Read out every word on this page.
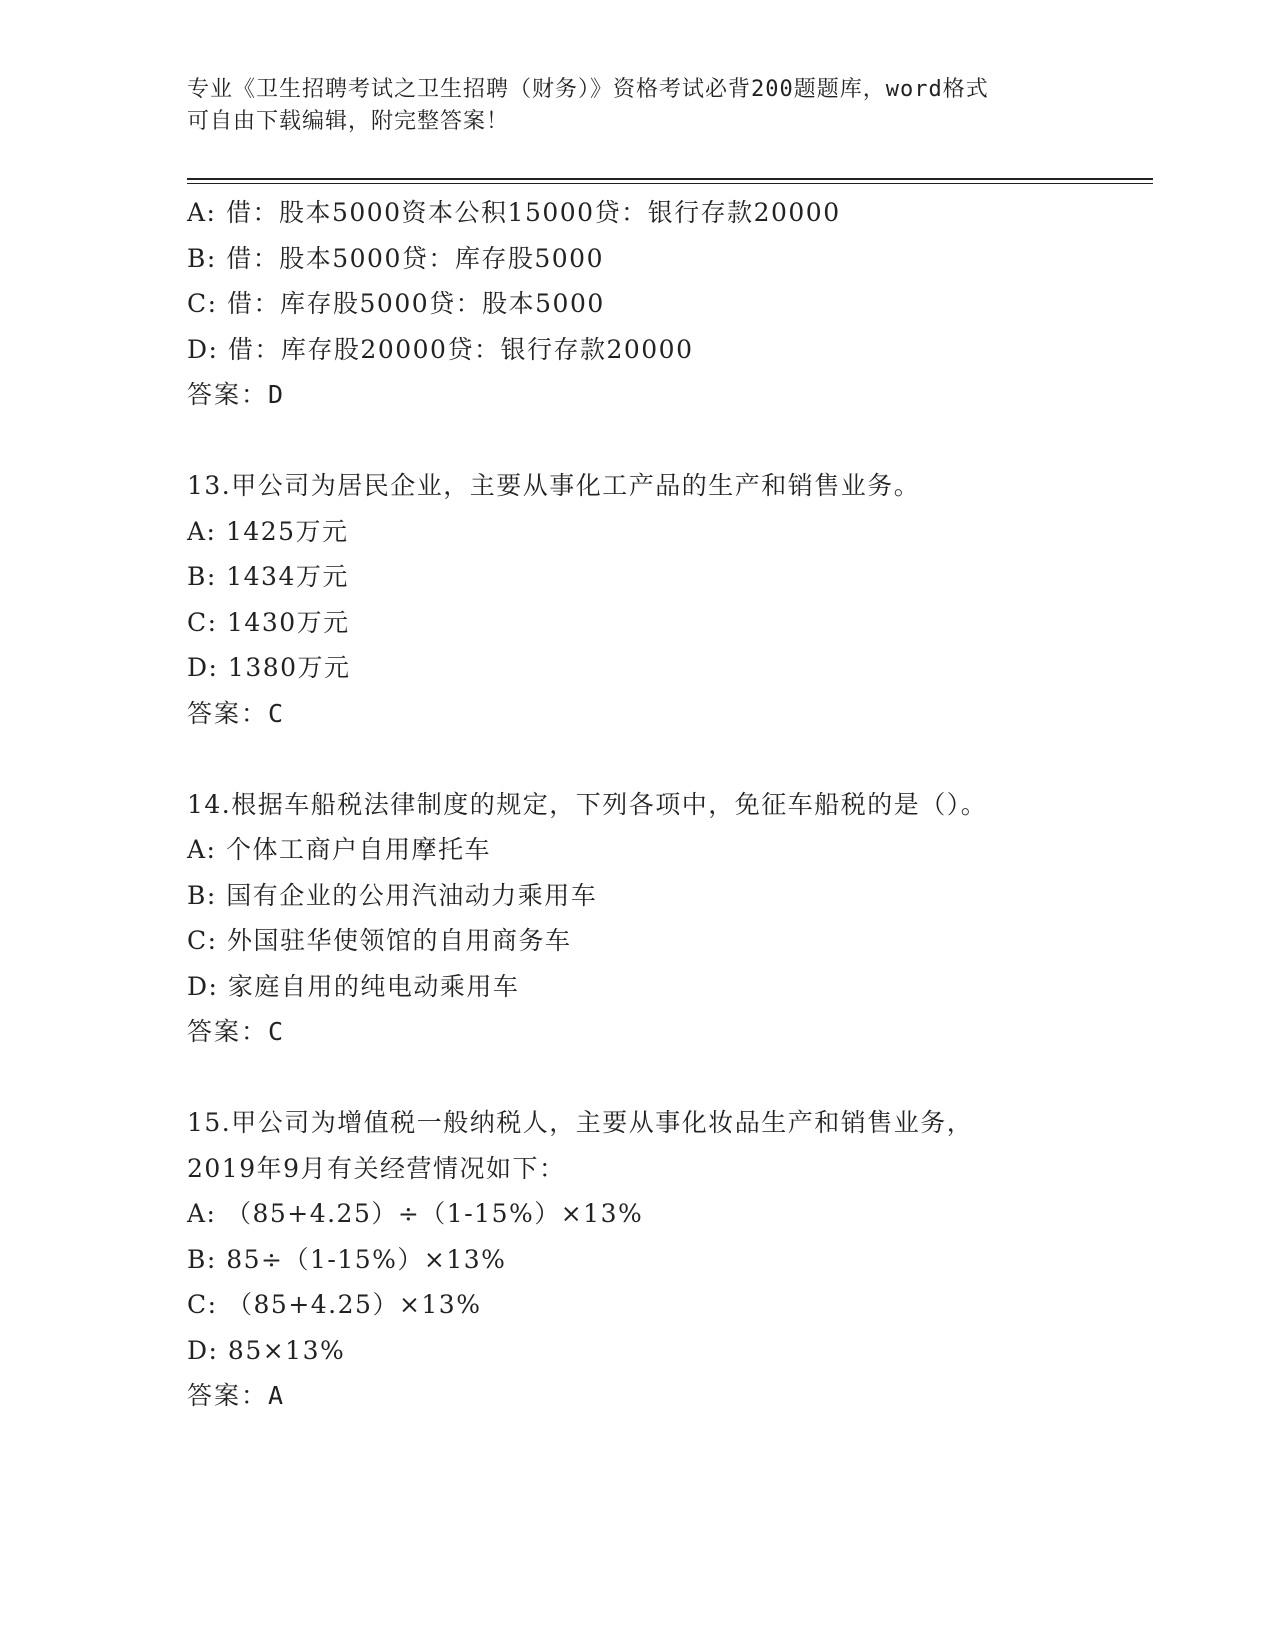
专业《卫生招聘考试之卫生招聘（财务）》资格考试必背200题题库，word格式
可自由下载编辑，附完整答案！
A: 借：股本5000资本公积15000贷：银行存款20000
B: 借：股本5000贷：库存股5000
C: 借：库存股5000贷：股本5000
D: 借：库存股20000贷：银行存款20000
答案：D
13.甲公司为居民企业，主要从事化工产品的生产和销售业务。
A: 1425万元
B: 1434万元
C: 1430万元
D: 1380万元
答案：C
14.根据车船税法律制度的规定，下列各项中，免征车船税的是（）。
A: 个体工商户自用摩托车
B: 国有企业的公用汽油动力乘用车
C: 外国驻华使领馆的自用商务车
D: 家庭自用的纯电动乘用车
答案：C
15.甲公司为增值税一般纳税人，主要从事化妆品生产和销售业务，
2019年9月有关经营情况如下：
A: （85+4.25）÷（1-15%）×13%
B: 85÷（1-15%）×13%
C: （85+4.25）×13%
D: 85×13%
答案：A
